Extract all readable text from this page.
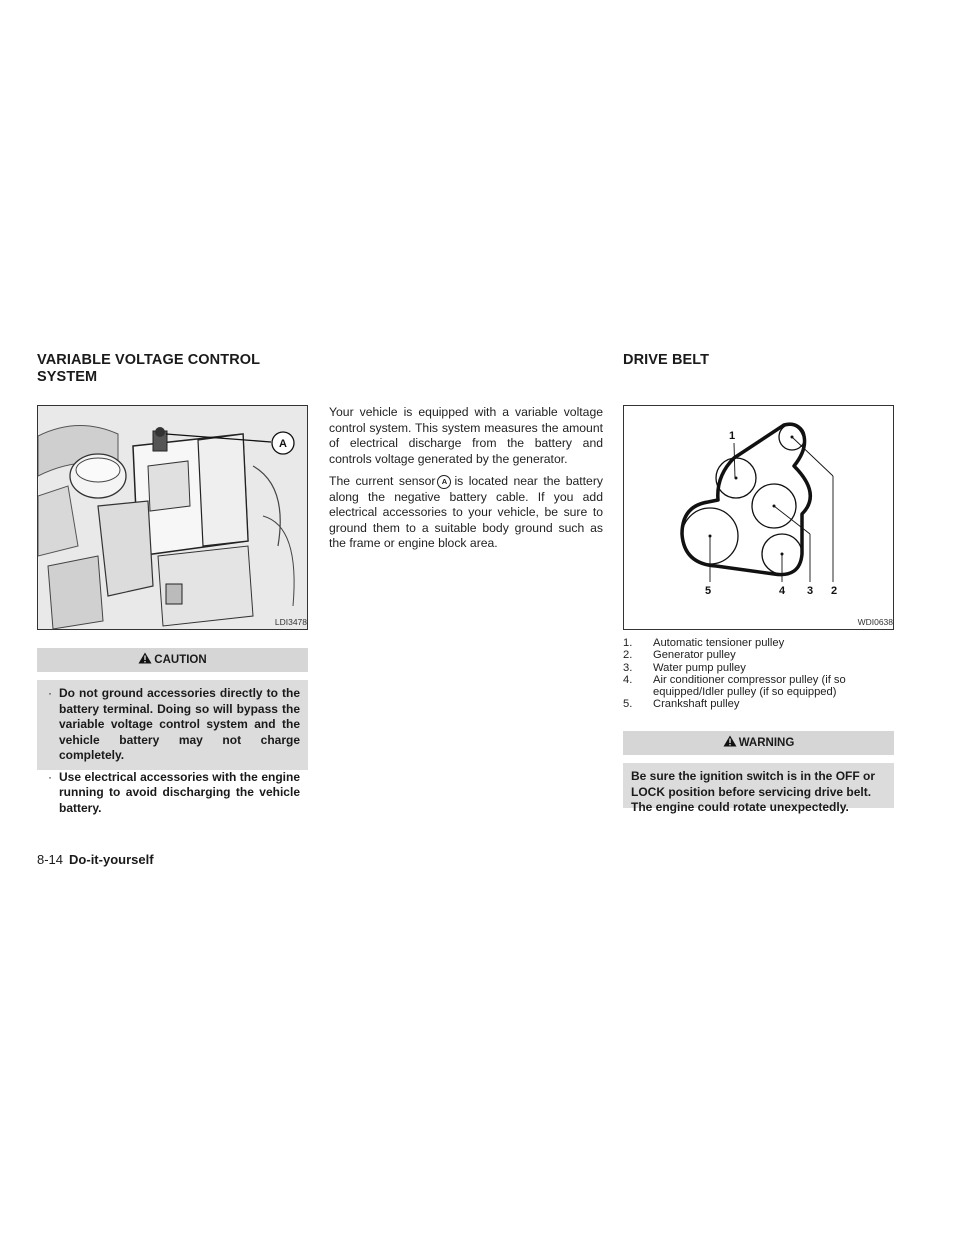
VARIABLE VOLTAGE CONTROL
SYSTEM
A
LDI3478
CAUTION
· Do not ground accessories directly to the battery terminal. Doing so will bypass the variable voltage control system and the vehicle battery may not charge completely.
· Use electrical accessories with the engine running to avoid discharging the vehicle battery.

Your vehicle is equipped with a variable voltage control system. This system measures the amount of electrical discharge from the battery and controls voltage generated by the generator.

The current sensor A is located near the battery along the negative battery cable. If you add electrical accessories to your vehicle, be sure to ground them to a suitable body ground such as the frame or engine block area.

DRIVE BELT
1
2
3
4
5
WDI0638
1.	Automatic tensioner pulley
2.	Generator pulley
3.	Water pump pulley
4.	Air conditioner compressor pulley (if so
equipped/Idler pulley (if so equipped)
5.	Crankshaft pulley
WARNING
Be sure the ignition switch is in the OFF or LOCK position before servicing drive belt. The engine could rotate unexpectedly.
8-14 Do-it-yourself
